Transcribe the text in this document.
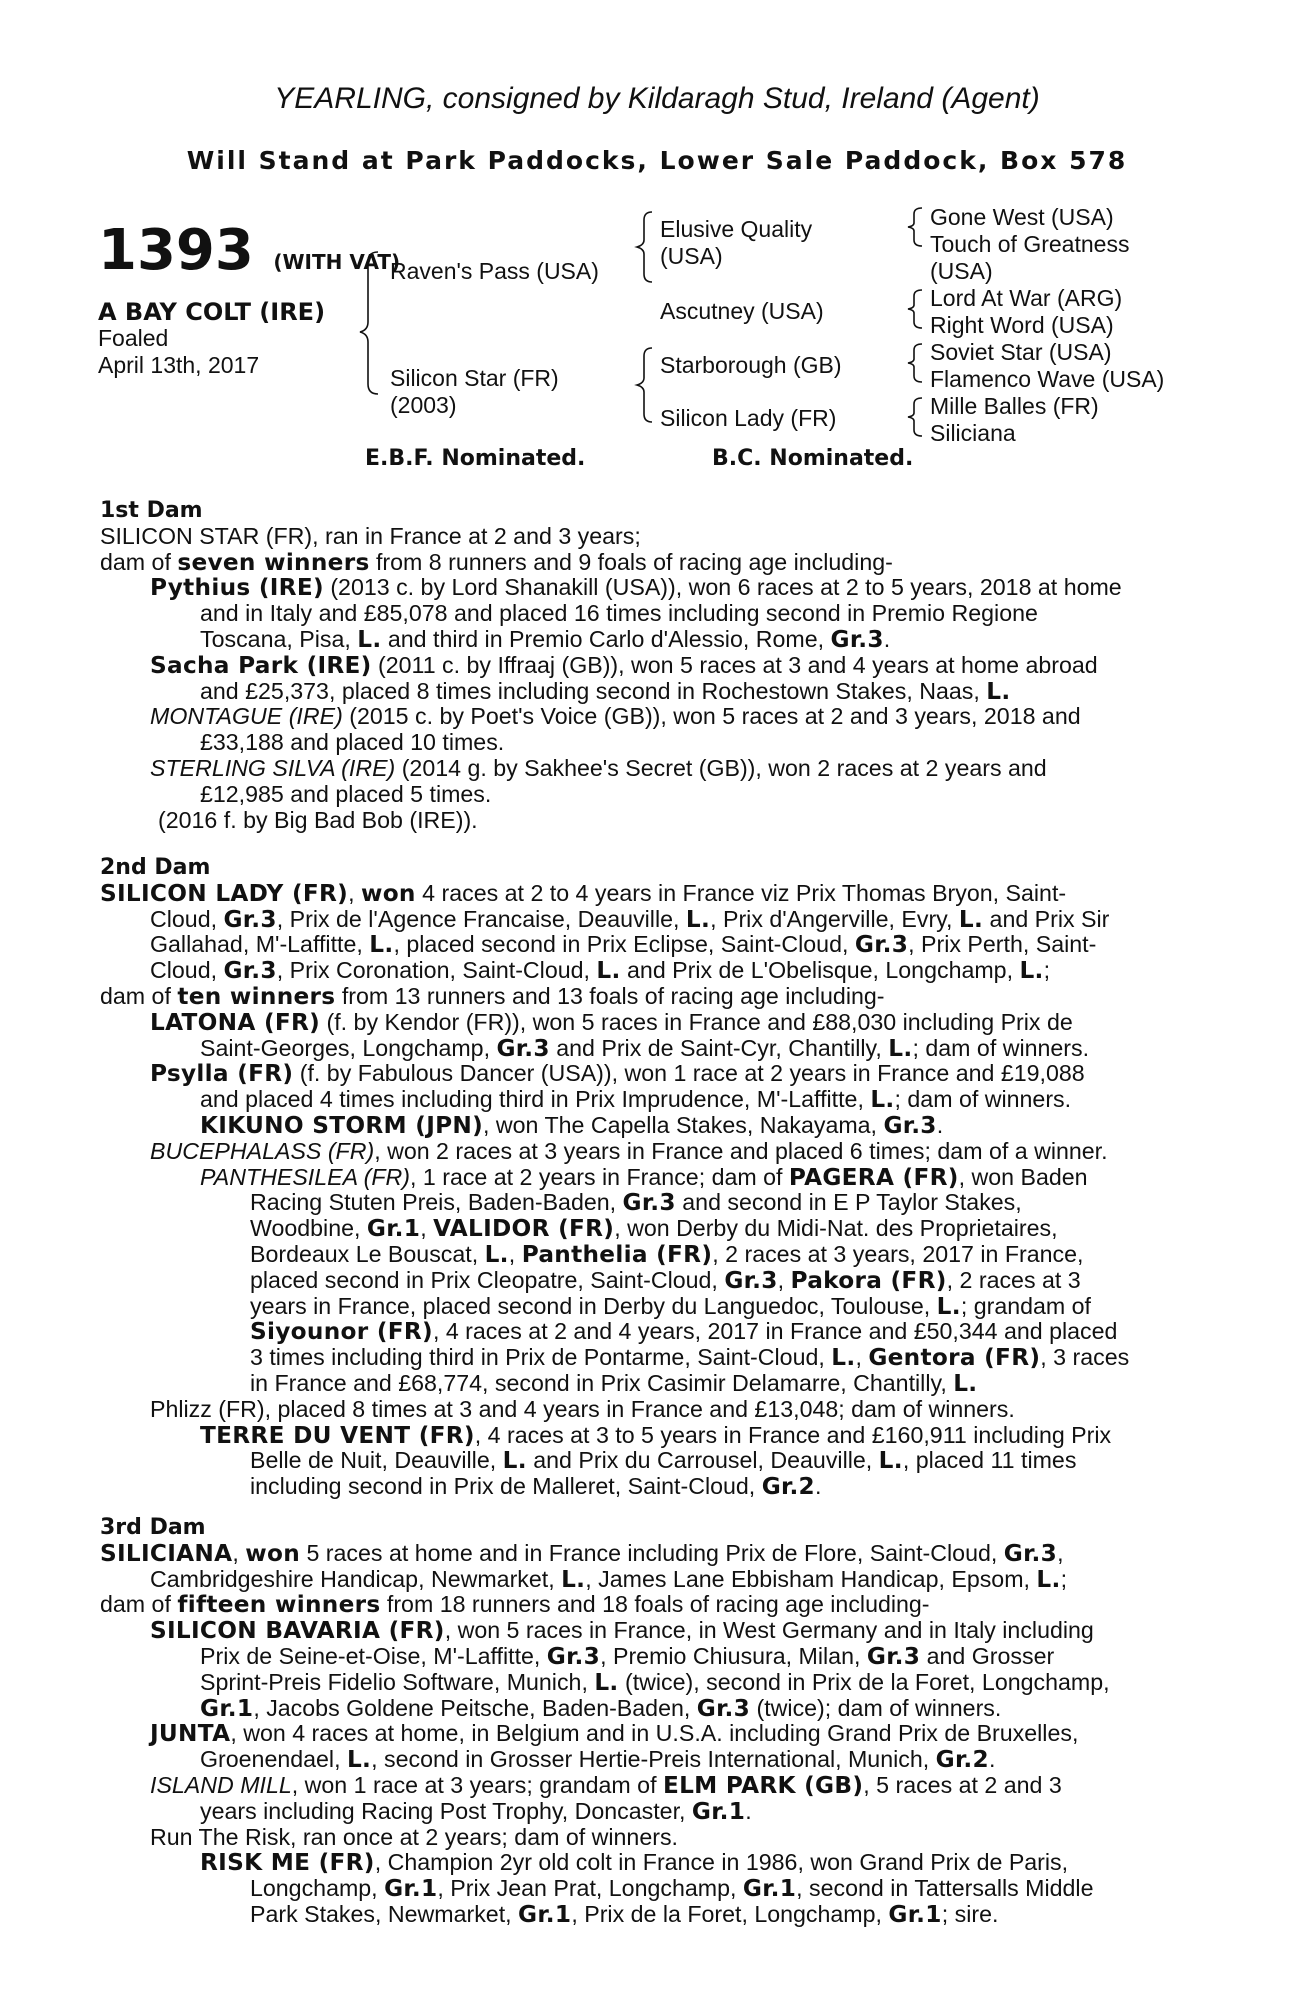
YEARLING, consigned by Kildaragh Stud, Ireland (Agent)
Will Stand at Park Paddocks, Lower Sale Paddock, Box 578
1393 (WITH VAT)
A BAY COLT (IRE)
Foaled
April 13th, 2017
Raven's Pass (USA)
Silicon Star (FR)
(2003)
Elusive Quality
(USA)
Ascutney (USA)
Starborough (GB)
Silicon Lady (FR)
Gone West (USA)
Touch of Greatness
(USA)
Lord At War (ARG)
Right Word (USA)
Soviet Star (USA)
Flamenco Wave (USA)
Mille Balles (FR)
Siliciana
E.B.F. Nominated.	B.C. Nominated.
1st Dam
SILICON STAR (FR), ran in France at 2 and 3 years;
dam of seven winners from 8 runners and 9 foals of racing age including-
Pythius (IRE) (2013 c. by Lord Shanakill (USA)), won 6 races at 2 to 5 years, 2018 at home
and in Italy and £85,078 and placed 16 times including second in Premio Regione
Toscana, Pisa, L. and third in Premio Carlo d'Alessio, Rome, Gr.3.
Sacha Park (IRE) (2011 c. by Iffraaj (GB)), won 5 races at 3 and 4 years at home abroad
and £25,373, placed 8 times including second in Rochestown Stakes, Naas, L.
MONTAGUE (IRE) (2015 c. by Poet's Voice (GB)), won 5 races at 2 and 3 years, 2018 and
£33,188 and placed 10 times.
STERLING SILVA (IRE) (2014 g. by Sakhee's Secret (GB)), won 2 races at 2 years and
£12,985 and placed 5 times.
(2016 f. by Big Bad Bob (IRE)).
2nd Dam
SILICON LADY (FR), won 4 races at 2 to 4 years in France viz Prix Thomas Bryon, Saint-
Cloud, Gr.3, Prix de l'Agence Francaise, Deauville, L., Prix d'Angerville, Evry, L. and Prix Sir
Gallahad, M'-Laffitte, L., placed second in Prix Eclipse, Saint-Cloud, Gr.3, Prix Perth, Saint-
Cloud, Gr.3, Prix Coronation, Saint-Cloud, L. and Prix de L'Obelisque, Longchamp, L.;
dam of ten winners from 13 runners and 13 foals of racing age including-
LATONA (FR) (f. by Kendor (FR)), won 5 races in France and £88,030 including Prix de
Saint-Georges, Longchamp, Gr.3 and Prix de Saint-Cyr, Chantilly, L.; dam of winners.
Psylla (FR) (f. by Fabulous Dancer (USA)), won 1 race at 2 years in France and £19,088
and placed 4 times including third in Prix Imprudence, M'-Laffitte, L.; dam of winners.
KIKUNO STORM (JPN), won The Capella Stakes, Nakayama, Gr.3.
BUCEPHALASS (FR), won 2 races at 3 years in France and placed 6 times; dam of a winner.
PANTHESILEA (FR), 1 race at 2 years in France; dam of PAGERA (FR), won Baden
Racing Stuten Preis, Baden-Baden, Gr.3 and second in E P Taylor Stakes,
Woodbine, Gr.1, VALIDOR (FR), won Derby du Midi-Nat. des Proprietaires,
Bordeaux Le Bouscat, L., Panthelia (FR), 2 races at 3 years, 2017 in France,
placed second in Prix Cleopatre, Saint-Cloud, Gr.3, Pakora (FR), 2 races at 3
years in France, placed second in Derby du Languedoc, Toulouse, L.; grandam of
Siyounor (FR), 4 races at 2 and 4 years, 2017 in France and £50,344 and placed
3 times including third in Prix de Pontarme, Saint-Cloud, L., Gentora (FR), 3 races
in France and £68,774, second in Prix Casimir Delamarre, Chantilly, L.
Phlizz (FR), placed 8 times at 3 and 4 years in France and £13,048; dam of winners.
TERRE DU VENT (FR), 4 races at 3 to 5 years in France and £160,911 including Prix
Belle de Nuit, Deauville, L. and Prix du Carrousel, Deauville, L., placed 11 times
including second in Prix de Malleret, Saint-Cloud, Gr.2.
3rd Dam
SILICIANA, won 5 races at home and in France including Prix de Flore, Saint-Cloud, Gr.3,
Cambridgeshire Handicap, Newmarket, L., James Lane Ebbisham Handicap, Epsom, L.;
dam of fifteen winners from 18 runners and 18 foals of racing age including-
SILICON BAVARIA (FR), won 5 races in France, in West Germany and in Italy including
Prix de Seine-et-Oise, M'-Laffitte, Gr.3, Premio Chiusura, Milan, Gr.3 and Grosser
Sprint-Preis Fidelio Software, Munich, L. (twice), second in Prix de la Foret, Longchamp,
Gr.1, Jacobs Goldene Peitsche, Baden-Baden, Gr.3 (twice); dam of winners.
JUNTA, won 4 races at home, in Belgium and in U.S.A. including Grand Prix de Bruxelles,
Groenendael, L., second in Grosser Hertie-Preis International, Munich, Gr.2.
ISLAND MILL, won 1 race at 3 years; grandam of ELM PARK (GB), 5 races at 2 and 3
years including Racing Post Trophy, Doncaster, Gr.1.
Run The Risk, ran once at 2 years; dam of winners.
RISK ME (FR), Champion 2yr old colt in France in 1986, won Grand Prix de Paris,
Longchamp, Gr.1, Prix Jean Prat, Longchamp, Gr.1, second in Tattersalls Middle
Park Stakes, Newmarket, Gr.1, Prix de la Foret, Longchamp, Gr.1; sire.
